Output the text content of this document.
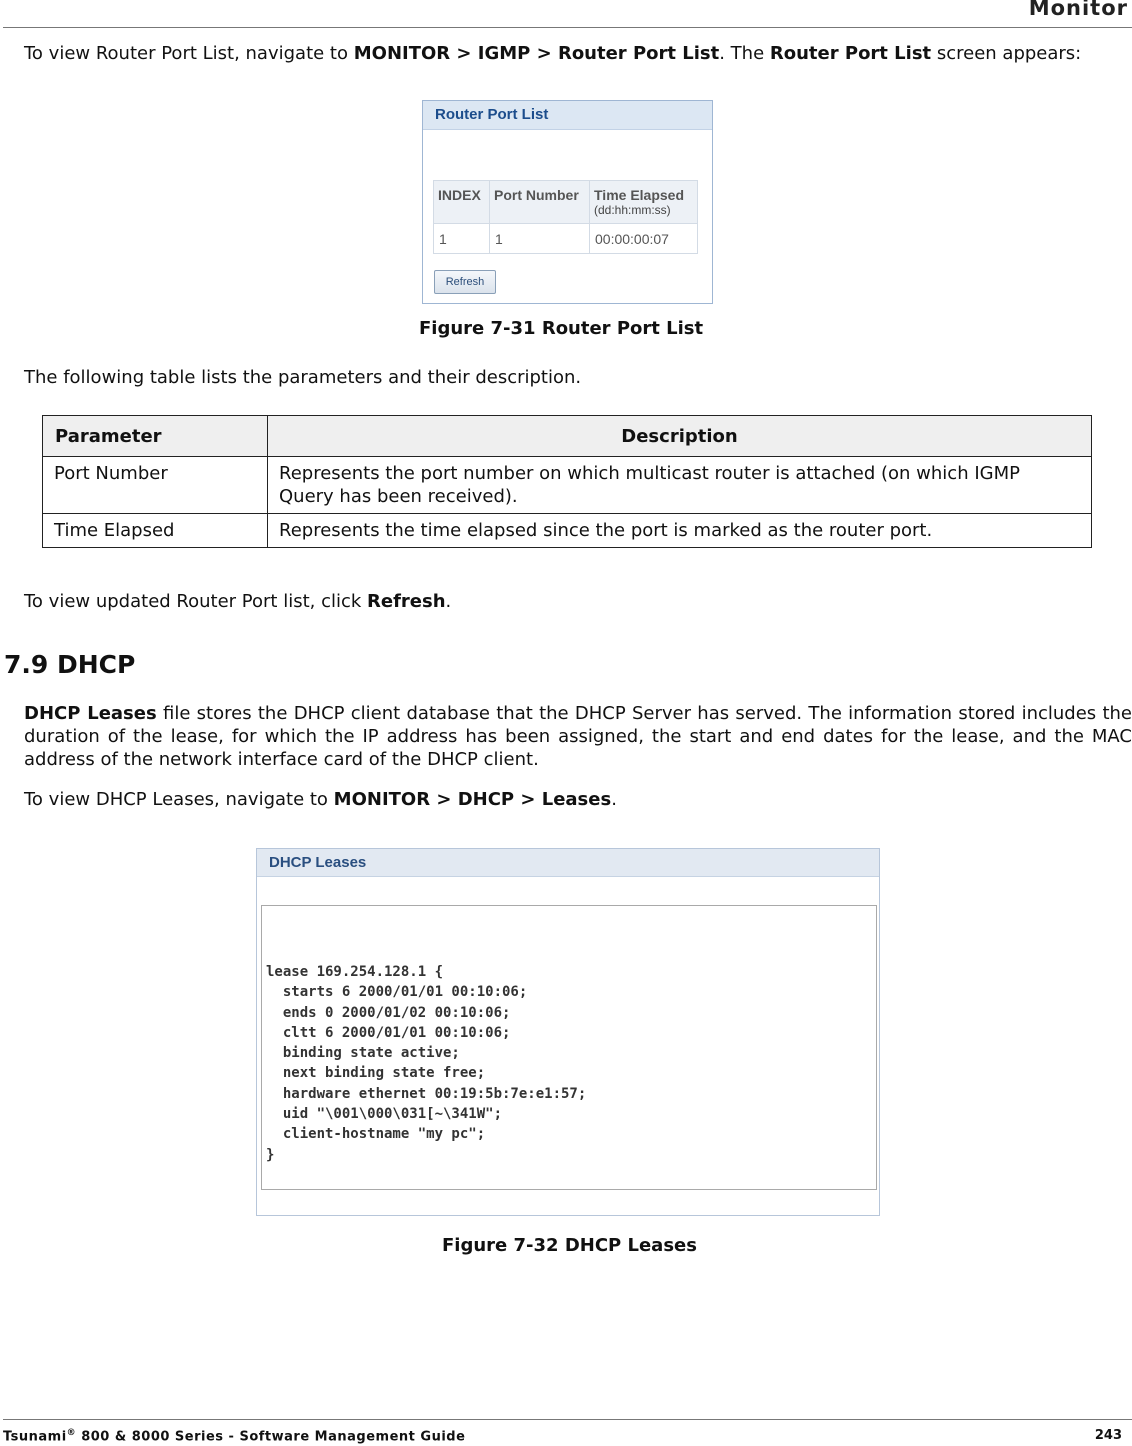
Monitor

To view Router Port List, navigate to MONITOR > IGMP > Router Port List. The Router Port List screen appears:

Router Port List
INDEX	Port Number	Time Elapsed
(dd:hh:mm:ss)

1	1	00:00:00:07
Refresh
Figure 7-31 Router Port List

The following table lists the parameters and their description.

Parameter	Description
Port Number	Represents the port number on which multicast router is attached (on which IGMP Query has been received).
Time Elapsed	Represents the time elapsed since the port is marked as the router port.

To view updated Router Port list, click Refresh.

7.9 DHCP

DHCP Leases file stores the DHCP client database that the DHCP Server has served. The information stored includes the duration of the lease, for which the IP address has been assigned, the start and end dates for the lease, and the MAC address of the network interface card of the DHCP client.

To view DHCP Leases, navigate to MONITOR > DHCP > Leases.

DHCP Leases
lease 169.254.128.1 {
starts 6 2000/01/01 00:10:06;
ends 0 2000/01/02 00:10:06;
cltt 6 2000/01/01 00:10:06;
binding state active;
next binding state free;
hardware ethernet 00:19:5b:7e:e1:57;
uid "\001\000\031[~\341W";
client-hostname "my pc";
}
Figure 7-32 DHCP Leases
Tsunami® 800 & 8000 Series - Software Management Guide	243
